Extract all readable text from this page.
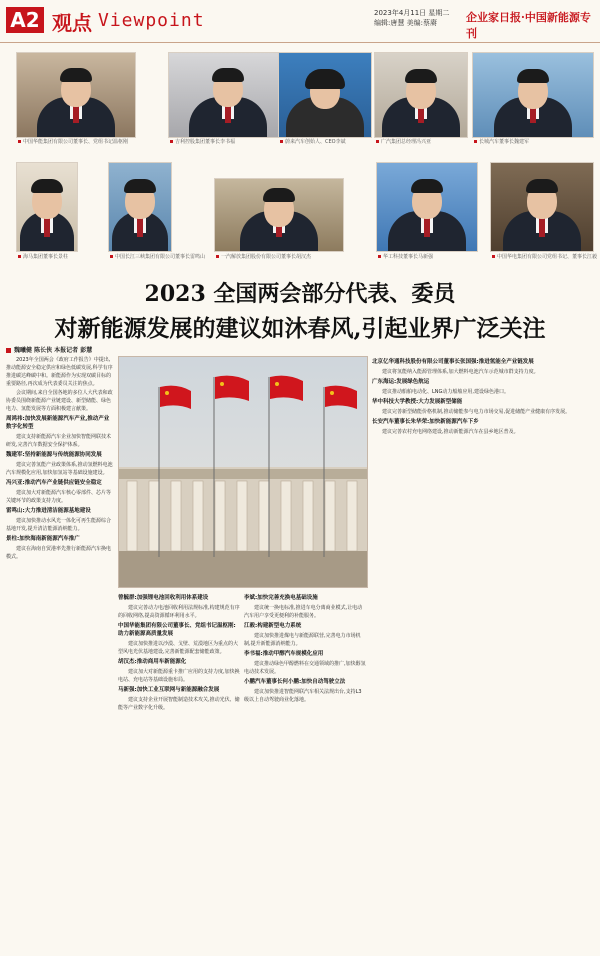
A2 观点 Viewpoint	2023年4月11日 星期二
编辑:唐慧 美编:蔡赓	企业家日报·中国新能源专刊
中国华能集团有限公司董事长、党组书记温枢刚	吉利控股集团董事长李书福	蔚来汽车创始人、CEO李斌	广汽集团总经理冯兴亚	长城汽车董事长魏建军
海马集团董事长景柱	中国长江三峡集团有限公司董事长雷鸣山	一汽解放集团股份有限公司董事长胡汉杰	华工科技董事长马新强	中国华电集团有限公司党组书记、董事长江毅
2023 全国两会部分代表、委员
对新能源发展的建议如沐春风,引起业界广泛关注
魏曦健 陈长侠 本报记者 彭慧

2023年全国两会《政府工作报告》中提出,推动能源安全稳定供应和绿色低碳发展,科学有序推进碳达峰碳中和。新能源作为实现双碳目标的重要路径,再次成为代表委员关注的焦点。

会议期间,来自全国各地的多位人大代表和政协委员围绕新能源产业链建设、新型储能、绿色电力、氢能发展等方面积极建言献策。

周鸿祎:加快发展新能源汽车产业,推动产业数字化转型

建议支持新能源汽车企业加快智能网联技术研发,完善汽车数据安全保护体系。

魏建军:坚持新能源与传统能源协同发展

建议完善氢能产业政策体系,推动氢燃料电池汽车规模化应用,加快加氢站等基础设施建设。

冯兴亚:推动汽车产业链供应链安全稳定

建议加大对新能源汽车核心零部件、芯片等关键环节的政策支持力度。

雷鸣山:大力推进清洁能源基地建设

建议加快推动水风光一体化可再生能源综合基地开发,提升清洁能源消纳能力。

景柱:加快海南新能源汽车推广

建议在海南自贸港率先推行新能源汽车换电模式。

曾毓群:加强锂电池回收利用体系建设

建议完善动力电池回收利用法规标准,构建规范有序的回收网络,提高资源循环利用水平。

中国华能集团有限公司董事长、党组书记温枢刚:助力新能源高质量发展

建议加快推进以沙漠、戈壁、荒漠地区为重点的大型风电光伏基地建设,完善新能源配套储能政策。

胡汉杰:推动商用车新能源化

建议加大对新能源重卡推广应用的支持力度,加快换电站、充电站等基础设施布局。

马新强:加快工业互联网与新能源融合发展

建议支持企业开展智能制造技术攻关,推动光伏、储能等产业数字化升级。

李斌:加快完善充换电基础设施

建议统一换电标准,推进车电分离商业模式,让电动汽车用户享受更便利的补能服务。

江毅:构建新型电力系统

建议加快推进煤电与新能源联营,完善电力市场机制,提升新能源消纳能力。

李书福:推动甲醇汽车规模化应用

建议推动绿色甲醇燃料在交通领域的推广,加快醇氢电动技术发展。

小鹏汽车董事长何小鹏:加快自动驾驶立法

建议加快推进智能网联汽车相关法规出台,支持L3级以上自动驾驶商业化落地。

北京亿华通科技股份有限公司董事长张国强:推进氢能全产业链发展

建议将氢能纳入能源管理体系,加大燃料电池汽车示范城市群支持力度。

广东海运:发展绿色航运

建议推动船舶电动化、LNG动力船舶应用,建设绿色港口。

华中科技大学教授:大力发展新型储能

建议完善新型储能价格机制,推动储能参与电力市场交易,促进储能产业健康有序发展。

长安汽车董事长朱华荣:加快新能源汽车下乡

建议完善农村充电网络建设,推动新能源汽车在县乡地区普及。
